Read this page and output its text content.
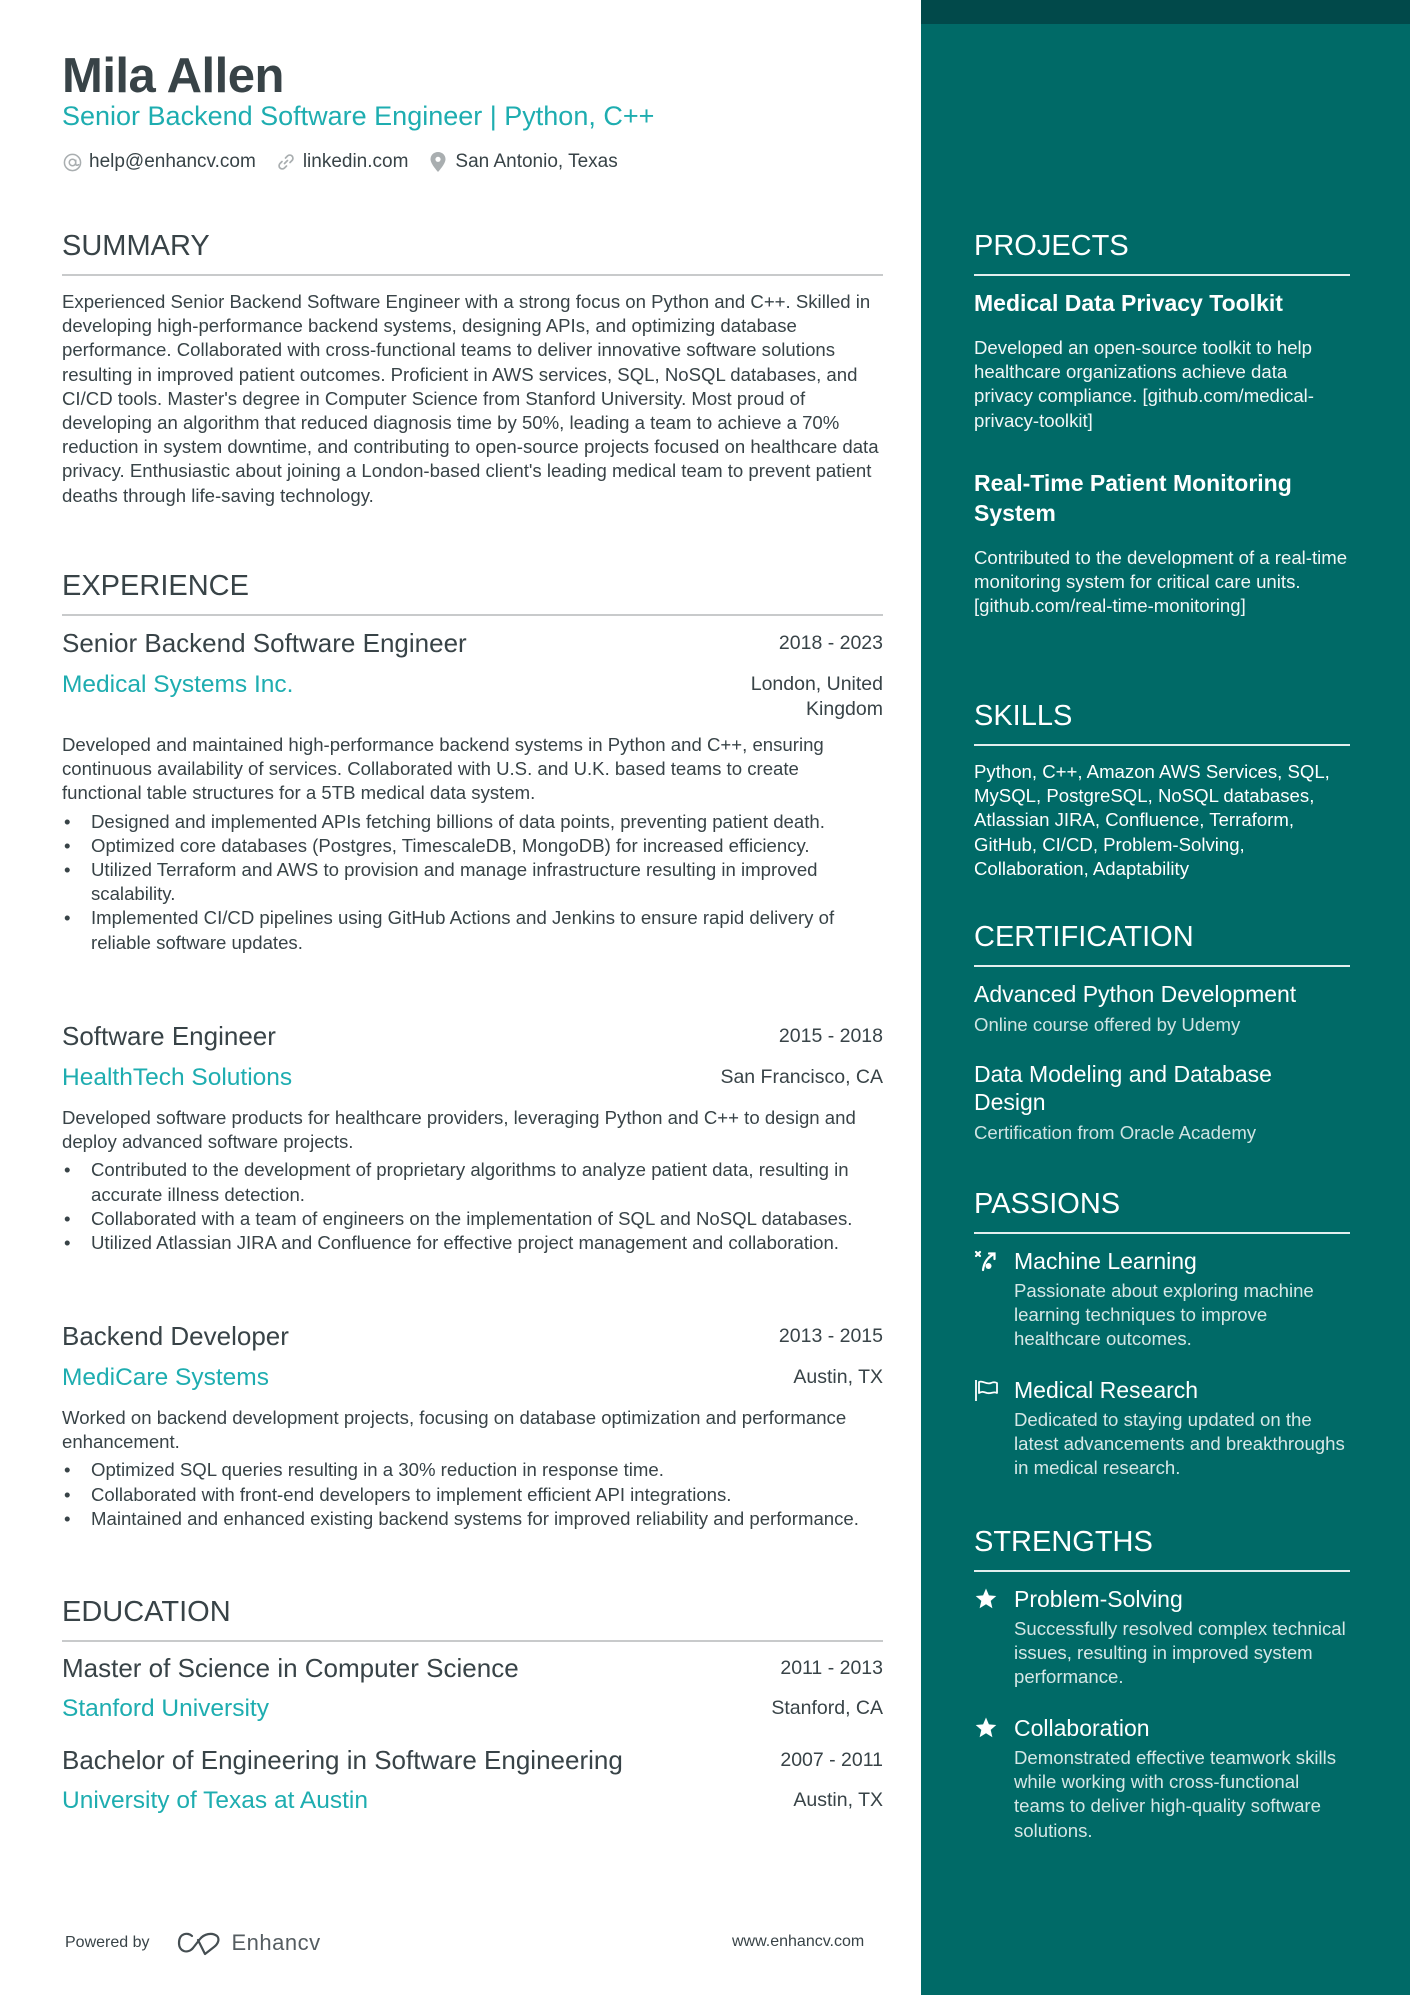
Mila Allen
Senior Backend Software Engineer | Python, C++
help@enhancv.com linkedin.com San Antonio, Texas
SUMMARY
Experienced Senior Backend Software Engineer with a strong focus on Python and C++. Skilled in developing high-performance backend systems, designing APIs, and optimizing database performance. Collaborated with cross-functional teams to deliver innovative software solutions resulting in improved patient outcomes. Proficient in AWS services, SQL, NoSQL databases, and CI/CD tools. Master's degree in Computer Science from Stanford University. Most proud of developing an algorithm that reduced diagnosis time by 50%, leading a team to achieve a 70% reduction in system downtime, and contributing to open-source projects focused on healthcare data privacy. Enthusiastic about joining a London-based client's leading medical team to prevent patient deaths through life-saving technology.
EXPERIENCE
Senior Backend Software Engineer	2018 - 2023
Medical Systems Inc.	London, United Kingdom
Developed and maintained high-performance backend systems in Python and C++, ensuring continuous availability of services. Collaborated with U.S. and U.K. based teams to create functional table structures for a 5TB medical data system.
• Designed and implemented APIs fetching billions of data points, preventing patient death.
• Optimized core databases (Postgres, TimescaleDB, MongoDB) for increased efficiency.
• Utilized Terraform and AWS to provision and manage infrastructure resulting in improved scalability.
• Implemented CI/CD pipelines using GitHub Actions and Jenkins to ensure rapid delivery of reliable software updates.
Software Engineer	2015 - 2018
HealthTech Solutions	San Francisco, CA
Developed software products for healthcare providers, leveraging Python and C++ to design and deploy advanced software projects.
• Contributed to the development of proprietary algorithms to analyze patient data, resulting in accurate illness detection.
• Collaborated with a team of engineers on the implementation of SQL and NoSQL databases.
• Utilized Atlassian JIRA and Confluence for effective project management and collaboration.
Backend Developer	2013 - 2015
MediCare Systems	Austin, TX
Worked on backend development projects, focusing on database optimization and performance enhancement.
• Optimized SQL queries resulting in a 30% reduction in response time.
• Collaborated with front-end developers to implement efficient API integrations.
• Maintained and enhanced existing backend systems for improved reliability and performance.
EDUCATION
Master of Science in Computer Science	2011 - 2013
Stanford University	Stanford, CA
Bachelor of Engineering in Software Engineering	2007 - 2011
University of Texas at Austin	Austin, TX
Powered by	Enhancv	www.enhancv.com
PROJECTS
Medical Data Privacy Toolkit
Developed an open-source toolkit to help healthcare organizations achieve data privacy compliance. [github.com/medical-privacy-toolkit]
Real-Time Patient Monitoring System
Contributed to the development of a real-time monitoring system for critical care units. [github.com/real-time-monitoring]
SKILLS
Python, C++, Amazon AWS Services, SQL, MySQL, PostgreSQL, NoSQL databases, Atlassian JIRA, Confluence, Terraform, GitHub, CI/CD, Problem-Solving, Collaboration, Adaptability
CERTIFICATION
Advanced Python Development
Online course offered by Udemy
Data Modeling and Database Design
Certification from Oracle Academy
PASSIONS
Machine Learning
Passionate about exploring machine learning techniques to improve healthcare outcomes.
Medical Research
Dedicated to staying updated on the latest advancements and breakthroughs in medical research.
STRENGTHS
Problem-Solving
Successfully resolved complex technical issues, resulting in improved system performance.
Collaboration
Demonstrated effective teamwork skills while working with cross-functional teams to deliver high-quality software solutions.
